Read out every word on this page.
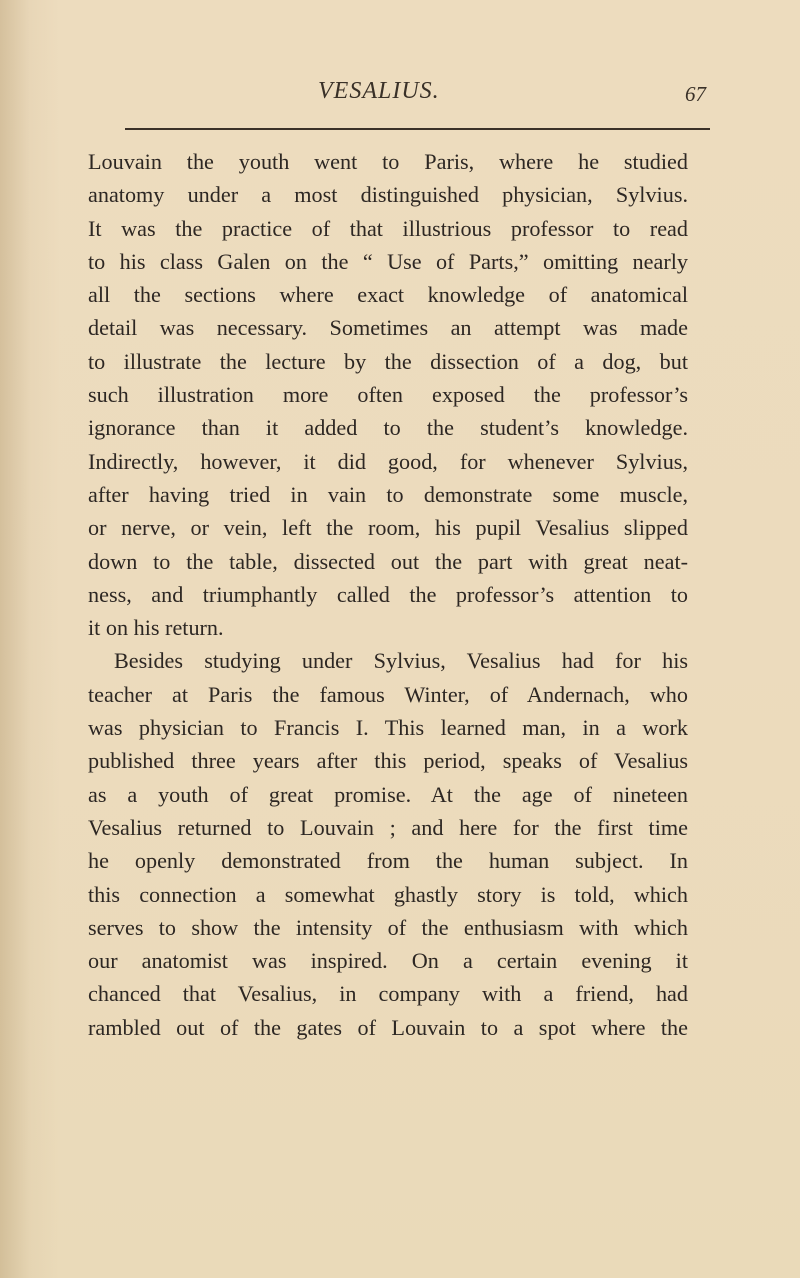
VESALIUS.	67
Louvain the youth went to Paris, where he studied
anatomy under a most distinguished physician, Sylvius.
It was the practice of that illustrious professor to read
to his class Galen on the “ Use of Parts,” omitting nearly
all the sections where exact knowledge of anatomical
detail was necessary. Sometimes an attempt was made
to illustrate the lecture by the dissection of a dog, but
such illustration more often exposed the professor’s
ignorance than it added to the student’s knowledge.
Indirectly, however, it did good, for whenever Sylvius,
after having tried in vain to demonstrate some muscle,
or nerve, or vein, left the room, his pupil Vesalius slipped
down to the table, dissected out the part with great neat-
ness, and triumphantly called the professor’s attention to
it on his return.
Besides studying under Sylvius, Vesalius had for his
teacher at Paris the famous Winter, of Andernach, who
was physician to Francis I. This learned man, in a work
published three years after this period, speaks of Vesalius
as a youth of great promise. At the age of nineteen
Vesalius returned to Louvain ; and here for the first time
he openly demonstrated from the human subject. In
this connection a somewhat ghastly story is told, which
serves to show the intensity of the enthusiasm with which
our anatomist was inspired. On a certain evening it
chanced that Vesalius, in company with a friend, had
rambled out of the gates of Louvain to a spot where the
